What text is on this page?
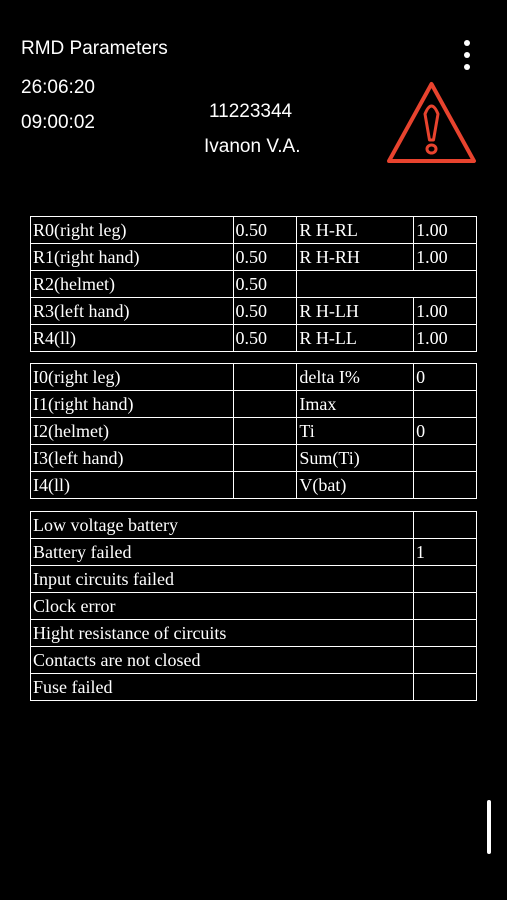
RMD Parameters
26:06:20
09:00:02
11223344
Ivanon V.A.
R0(right leg)	0.50	R H-RL	1.00
R1(right hand)	0.50	R H-RH	1.00
R2(helmet)	0.50		
R3(left hand)	0.50	R H-LH	1.00
R4(ll)	0.50	R H-LL	1.00
I0(right leg)		delta I%	0
I1(right hand)		Imax	
I2(helmet)		Ti	0
I3(left hand)		Sum(Ti)	
I4(ll)		V(bat)	
Low voltage battery	
Battery failed	1
Input circuits failed	
Clock error	
Hight resistance of circuits	
Contacts are not closed	
Fuse failed	
